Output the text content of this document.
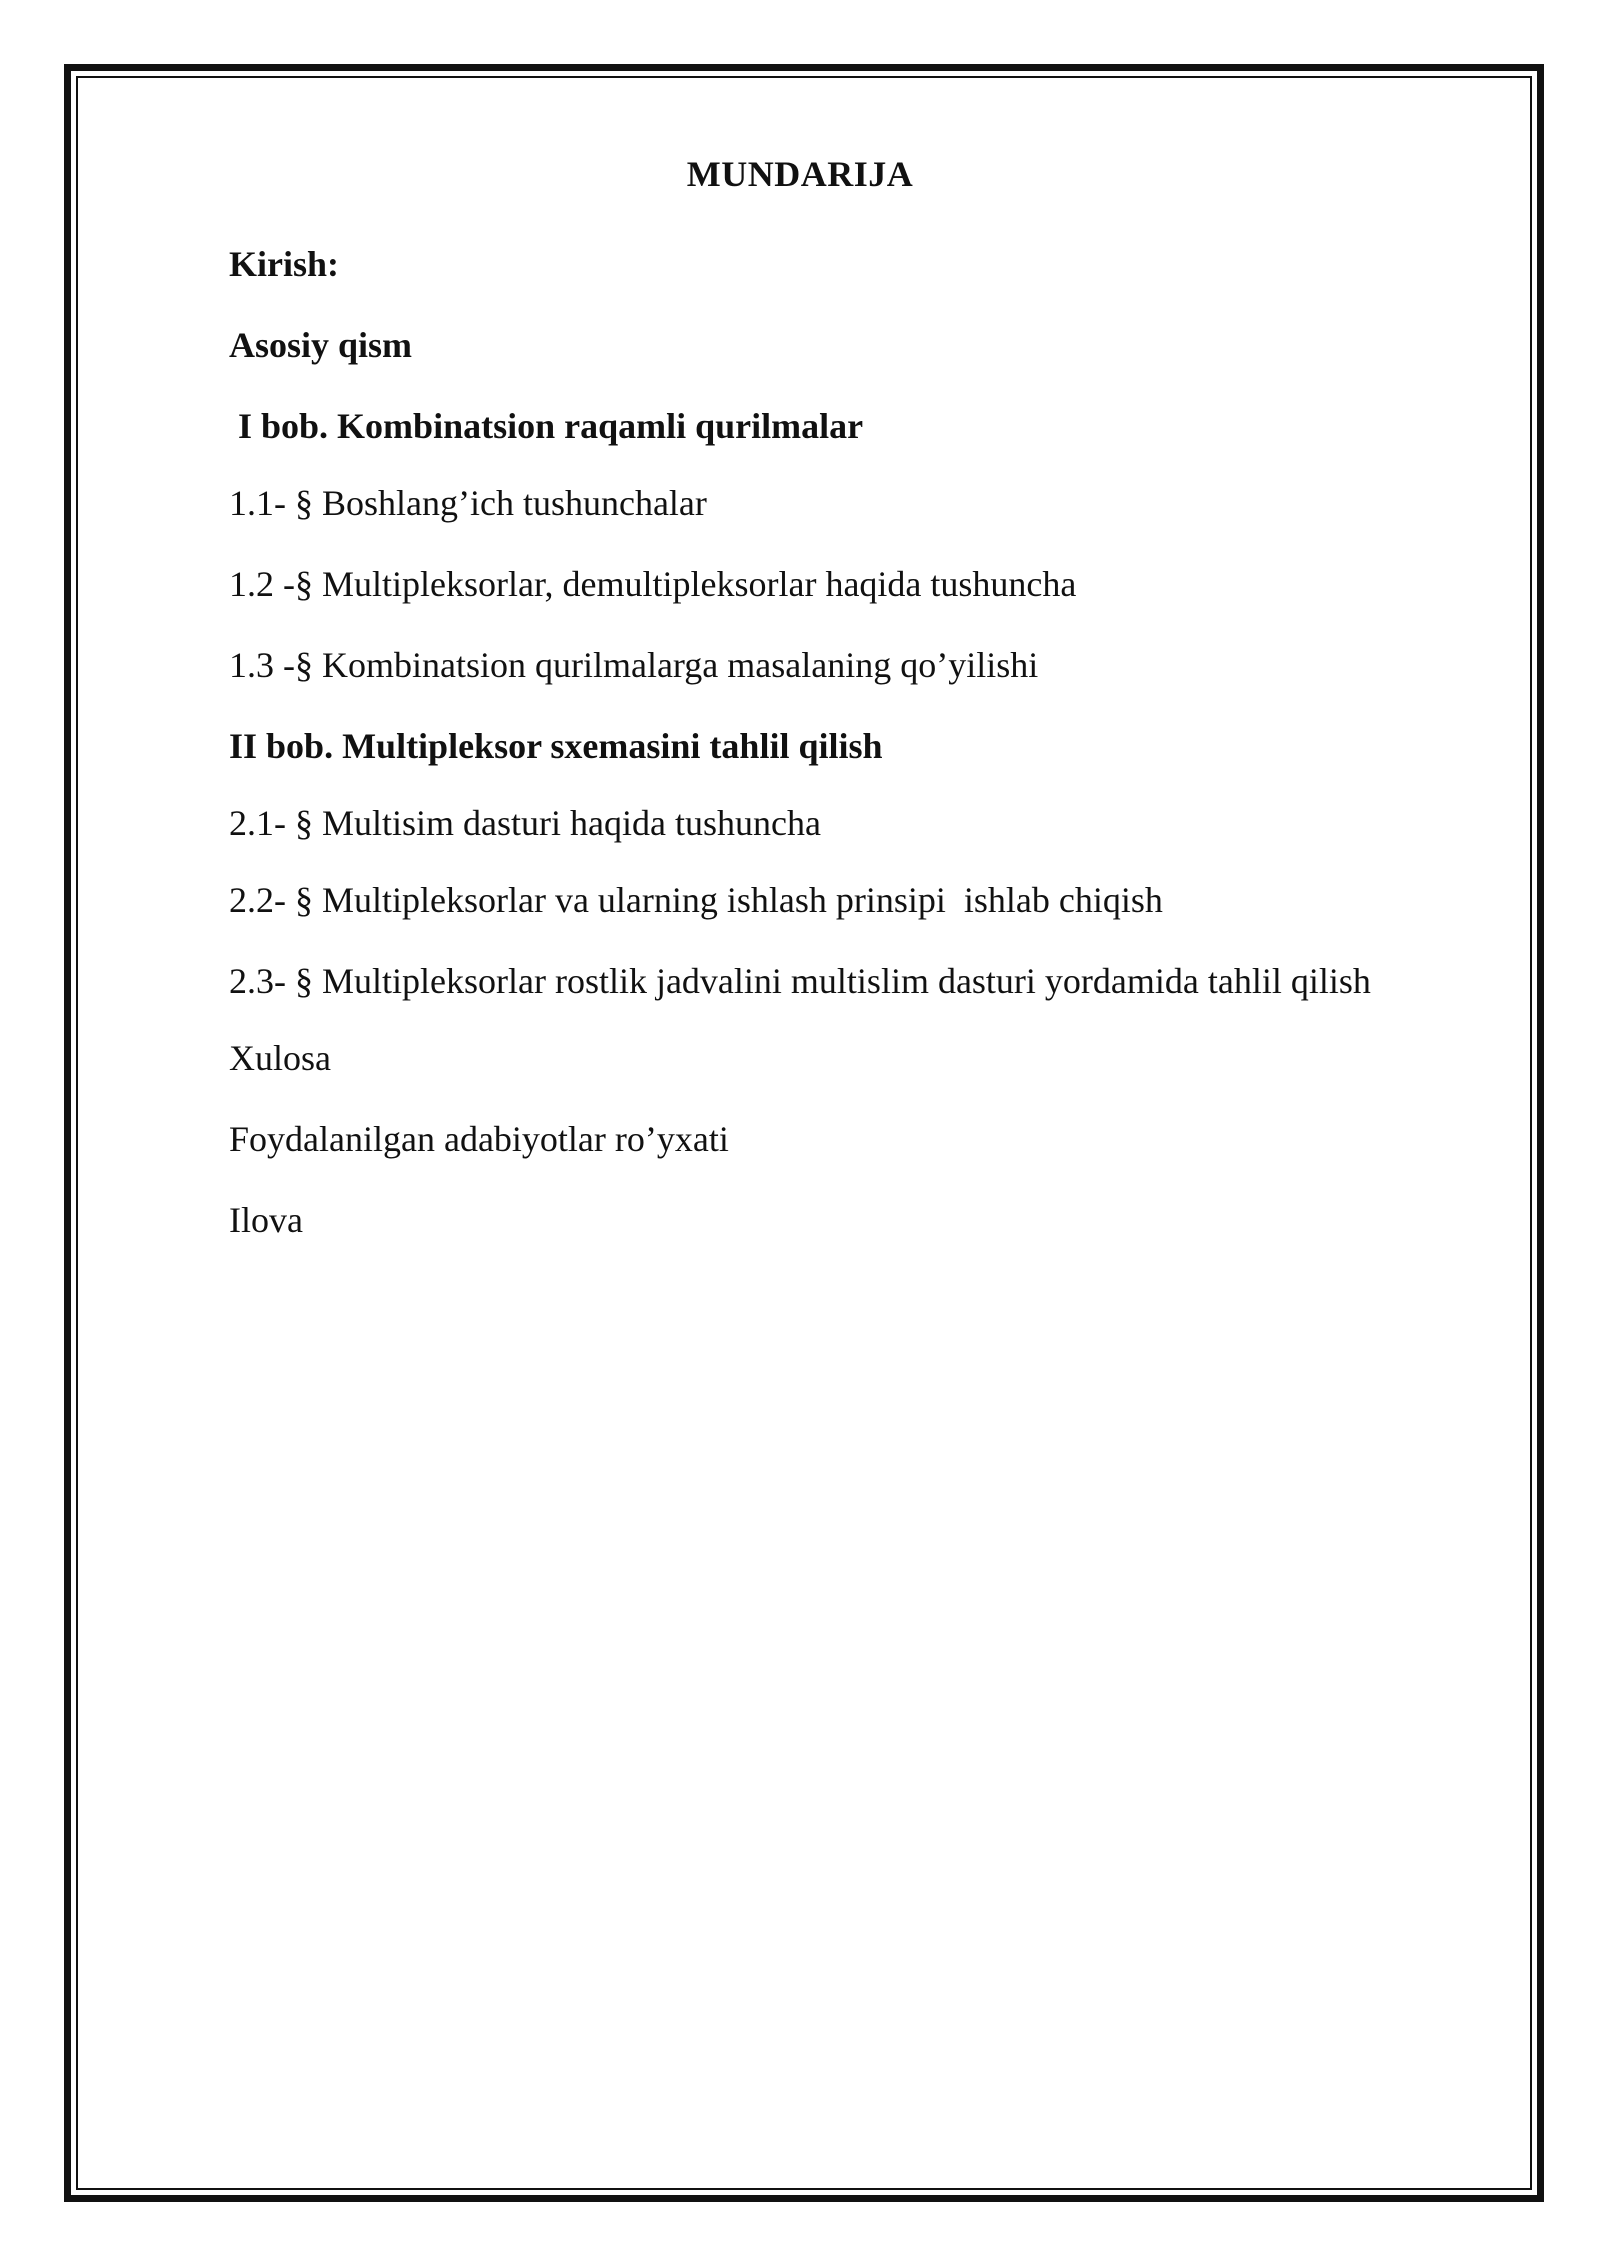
MUNDARIJA
Kirish:
Asosiy qism
I bob. Kombinatsion raqamli qurilmalar
1.1- § Boshlang’ich tushunchalar
1.2 -§ Multipleksorlar, demultipleksorlar haqida tushuncha
1.3 -§ Kombinatsion qurilmalarga masalaning qo’yilishi
II bob. Multipleksor sxemasini tahlil qilish
2.1- § Multisim dasturi haqida tushuncha
2.2- § Multipleksorlar va ularning ishlash prinsipi  ishlab chiqish
2.3- § Multipleksorlar rostlik jadvalini multislim dasturi yordamida tahlil qilish
Xulosa
Foydalanilgan adabiyotlar ro’yxati
Ilova
